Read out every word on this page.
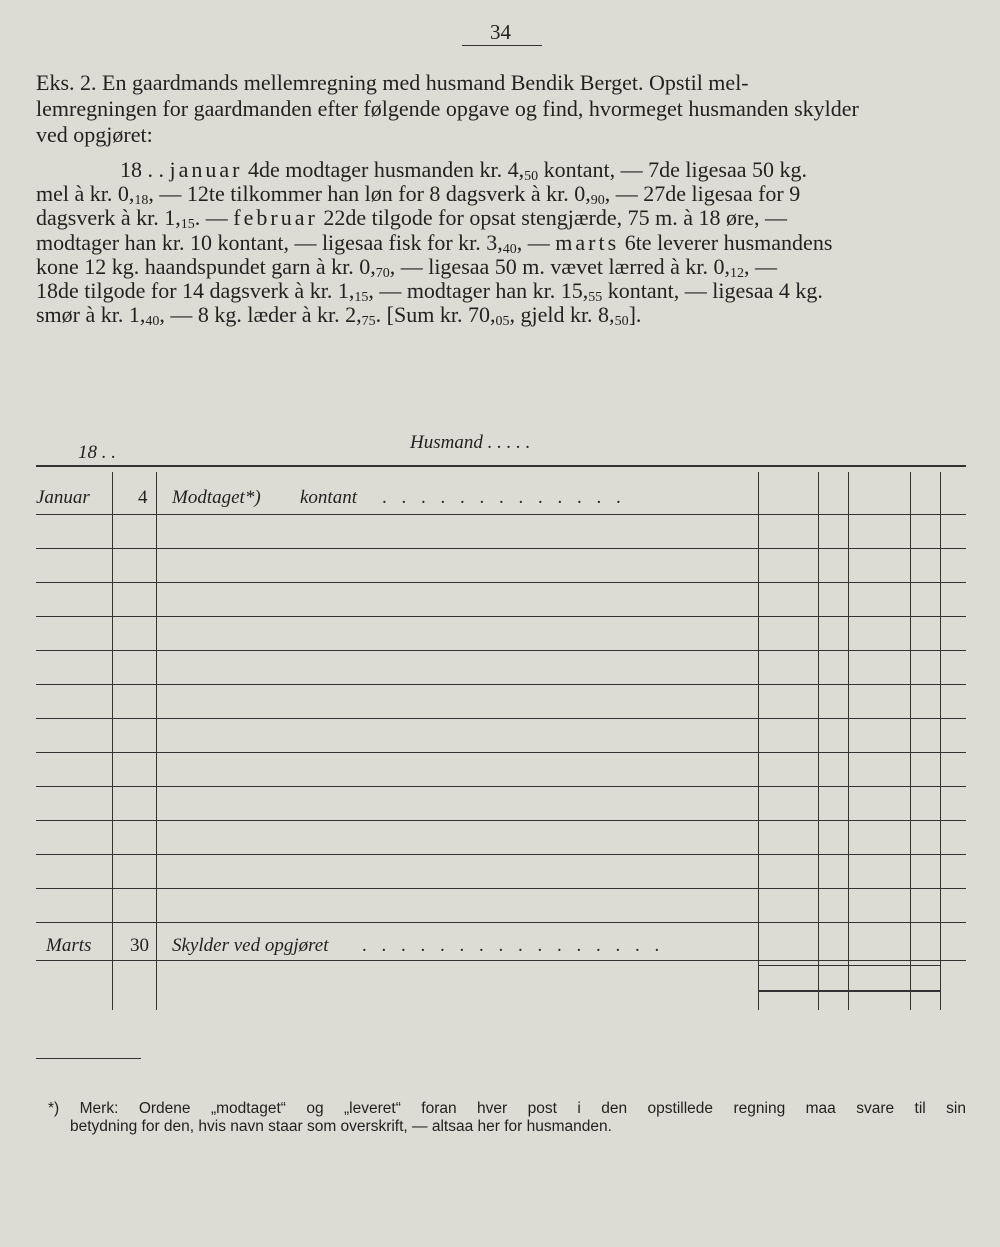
34
Eks. 2. En gaardmands mellemregning med husmand Bendik Berget. Opstil mel-
lemregningen for gaardmanden efter følgende opgave og find, hvormeget husmanden skylder
ved opgjøret:
18 . . januar 4de modtager husmanden kr. $4,_{50}$ kontant, — 7de ligesaa 50 kg.
mel à kr. $0,_{18}$, — 12te tilkommer han løn for 8 dagsverk à kr. $0,_{90}$, — 27de ligesaa for 9
dagsverk à kr. $1,_{15}$. — februar 22de tilgode for opsat stengjærde, 75 m. à 18 øre, —
modtager han kr. 10 kontant, — ligesaa fisk for kr. $3,_{40}$, — marts 6te leverer husmandens
kone 12 kg. haandspundet garn à kr. $0,_{70}$, — ligesaa 50 m. vævet lærred à kr. $0,_{12}$, —
18de tilgode for 14 dagsverk à kr. $1,_{15}$, — modtager han kr. $15,_{55}$ kontant, — ligesaa 4 kg.
smør à kr. $1,_{40}$, — 8 kg. læder à kr. $2,_{75}$. [Sum kr. $70,_{05}$, gjeld kr. $8,_{50}$].
18 . .	Husmand . . . . .
Januar	4 Modtaget*) kontant . . . . . . . . . . . . .
Marts 30 Skylder ved opgjøret . . . . . . . . . . . . . . . .
*) Merk: Ordene „modtaget“ og „leveret“ foran hver post i den opstillede regning maa svare til sin
betydning for den, hvis navn staar som overskrift, — altsaa her for husmanden.
